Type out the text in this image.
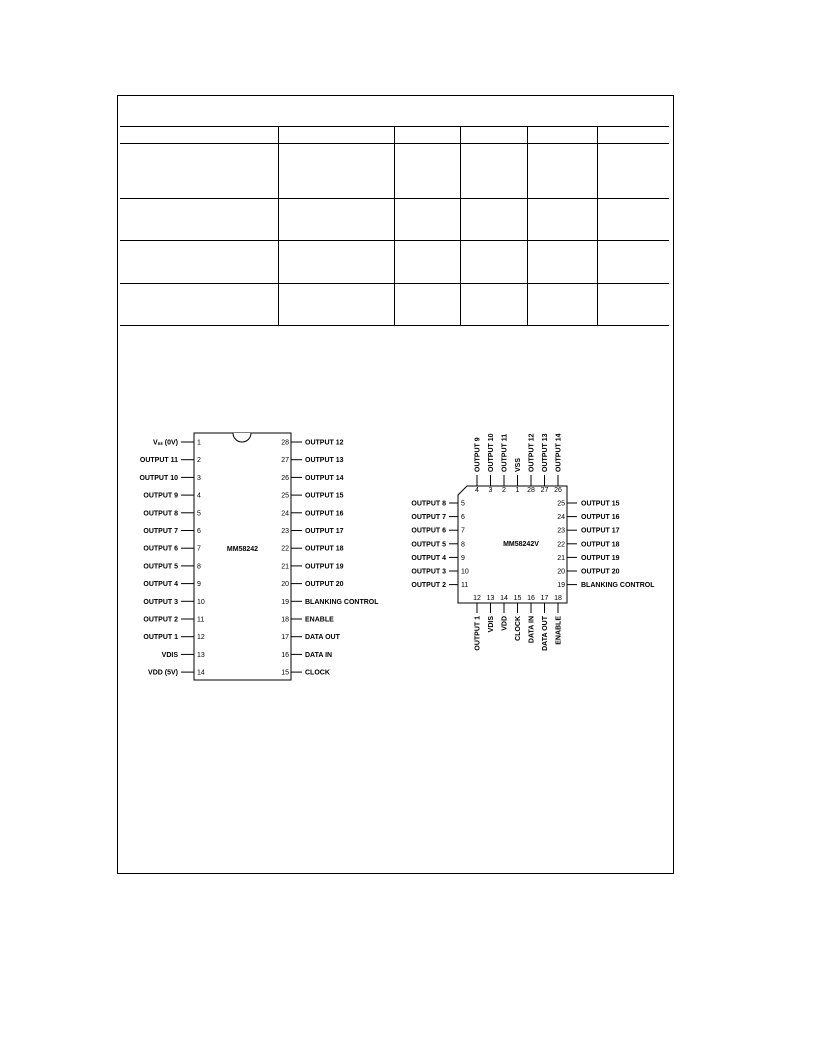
MM58242
1
Vₛₛ (0V)
2
OUTPUT 11
3
OUTPUT 10
4
OUTPUT 9
5
OUTPUT 8
6
OUTPUT 7
7
OUTPUT 6
8
OUTPUT 5
9
OUTPUT 4
10
OUTPUT 3
11
OUTPUT 2
12
OUTPUT 1
13
VDIS
14
VDD (5V)
28 OUTPUT 12
27 OUTPUT 13
26 OUTPUT 14
25 OUTPUT 15
24 OUTPUT 16
23 OUTPUT 17
22 OUTPUT 18
21 OUTPUT 19
20 OUTPUT 20
19 BLANKING CONTROL
18 ENABLE
17 DATA OUT
16 DATA IN
15 CLOCK
MM58242V
5
OUTPUT 8
6
OUTPUT 7
7
OUTPUT 6
8
OUTPUT 5
9
OUTPUT 4
10
OUTPUT 3
11
OUTPUT 2
25 OUTPUT 15
24 OUTPUT 16
23 OUTPUT 17
22 OUTPUT 18
21 OUTPUT 19
20 OUTPUT 20
19 BLANKING CONTROL
4
OUTPUT 9
3
OUTPUT 10
2
OUTPUT 11
1
VSS
28
OUTPUT 12
27
OUTPUT 13
26
OUTPUT 14
12
OUTPUT 1
13
VDIS
14
VDD
15
CLOCK
16
DATA IN
17
DATA OUT
18
ENABLE
